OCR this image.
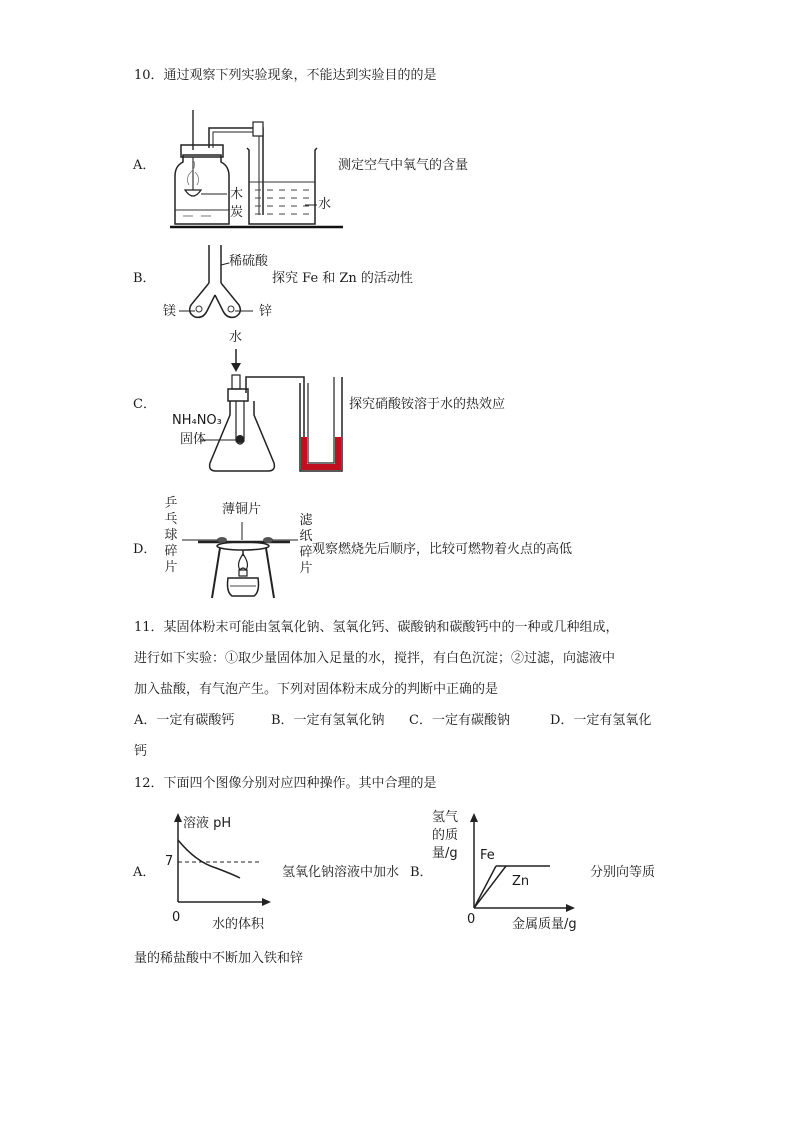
10．通过观察下列实验现象，不能达到实验目的的是
A．
木
炭
水
测定空气中氧气的含量
B．
稀硫酸
镁	锌
探究 Fe 和 Zn 的活动性
C．
水
NH₄NO₃
固体
探究硝酸铵溶于水的热效应
D．
乒乓球碎片
薄铜片
滤纸碎片
观察燃烧先后顺序，比较可燃物着火点的高低
11．某固体粉末可能由氢氧化钠、氢氧化钙、碳酸钠和碳酸钙中的一种或几种组成，
进行如下实验：①取少量固体加入足量的水，搅拌，有白色沉淀；②过滤，向滤液中
加入盐酸，有气泡产生。下列对固体粉末成分的判断中正确的是
A．一定有碳酸钙	B．一定有氢氧化钠 C．一定有碳酸钠	D．一定有氢氧化
钙
12．下面四个图像分别对应四种操作。其中合理的是
A．
溶液 pH
7
0 水的体积
氢氧化钠溶液中加水 B．
氢气
的质
量/g Fe
Zn
0	金属质量/g
分别向等质
量的稀盐酸中不断加入铁和锌
